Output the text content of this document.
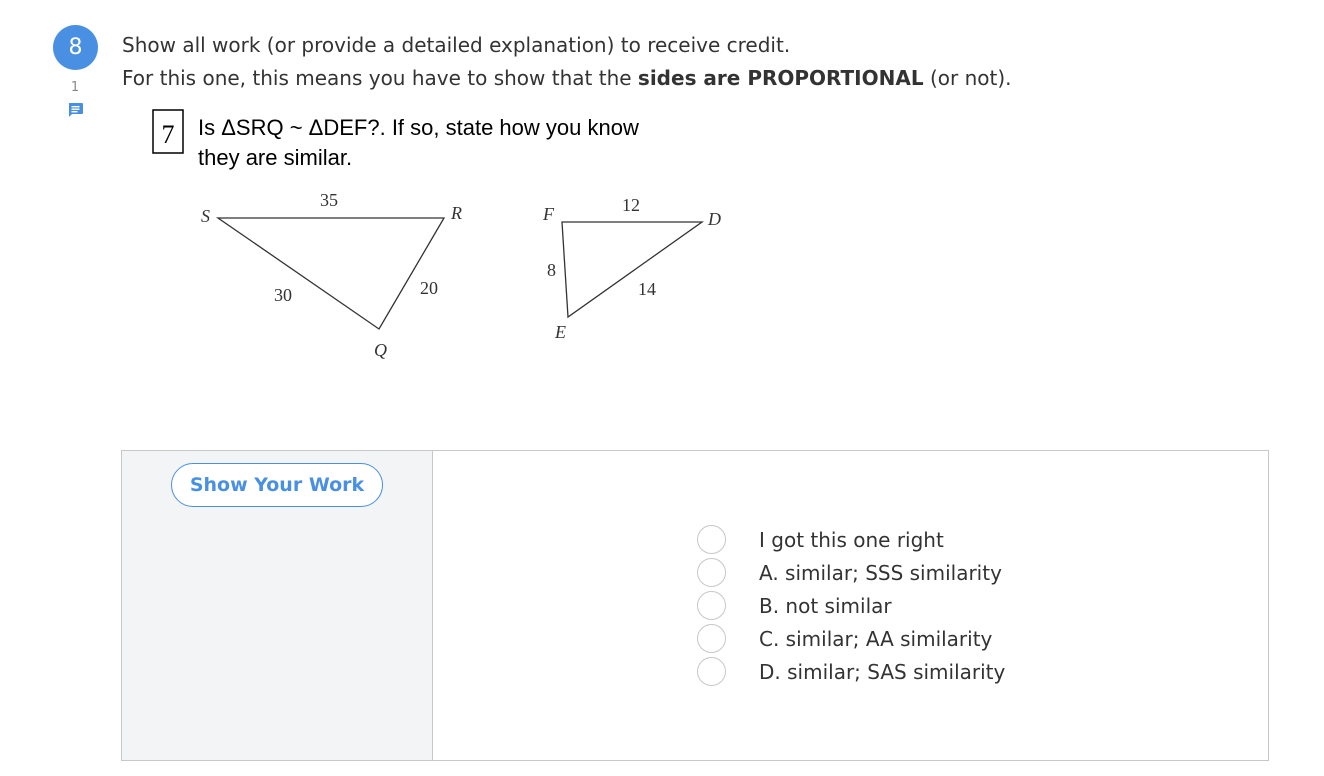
8
1
Show all work (or provide a detailed explanation) to receive credit.
For this one, this means you have to show that the sides are PROPORTIONAL (or not).
7 Is ΔSRQ ~ ΔDEF?. If so, state how you know
they are similar.
S	R
Q
35
30	20
F	D
E
12
8
14
Show Your Work
I got this one right
A. similar; SSS similarity
B. not similar
C. similar; AA similarity
D. similar; SAS similarity
